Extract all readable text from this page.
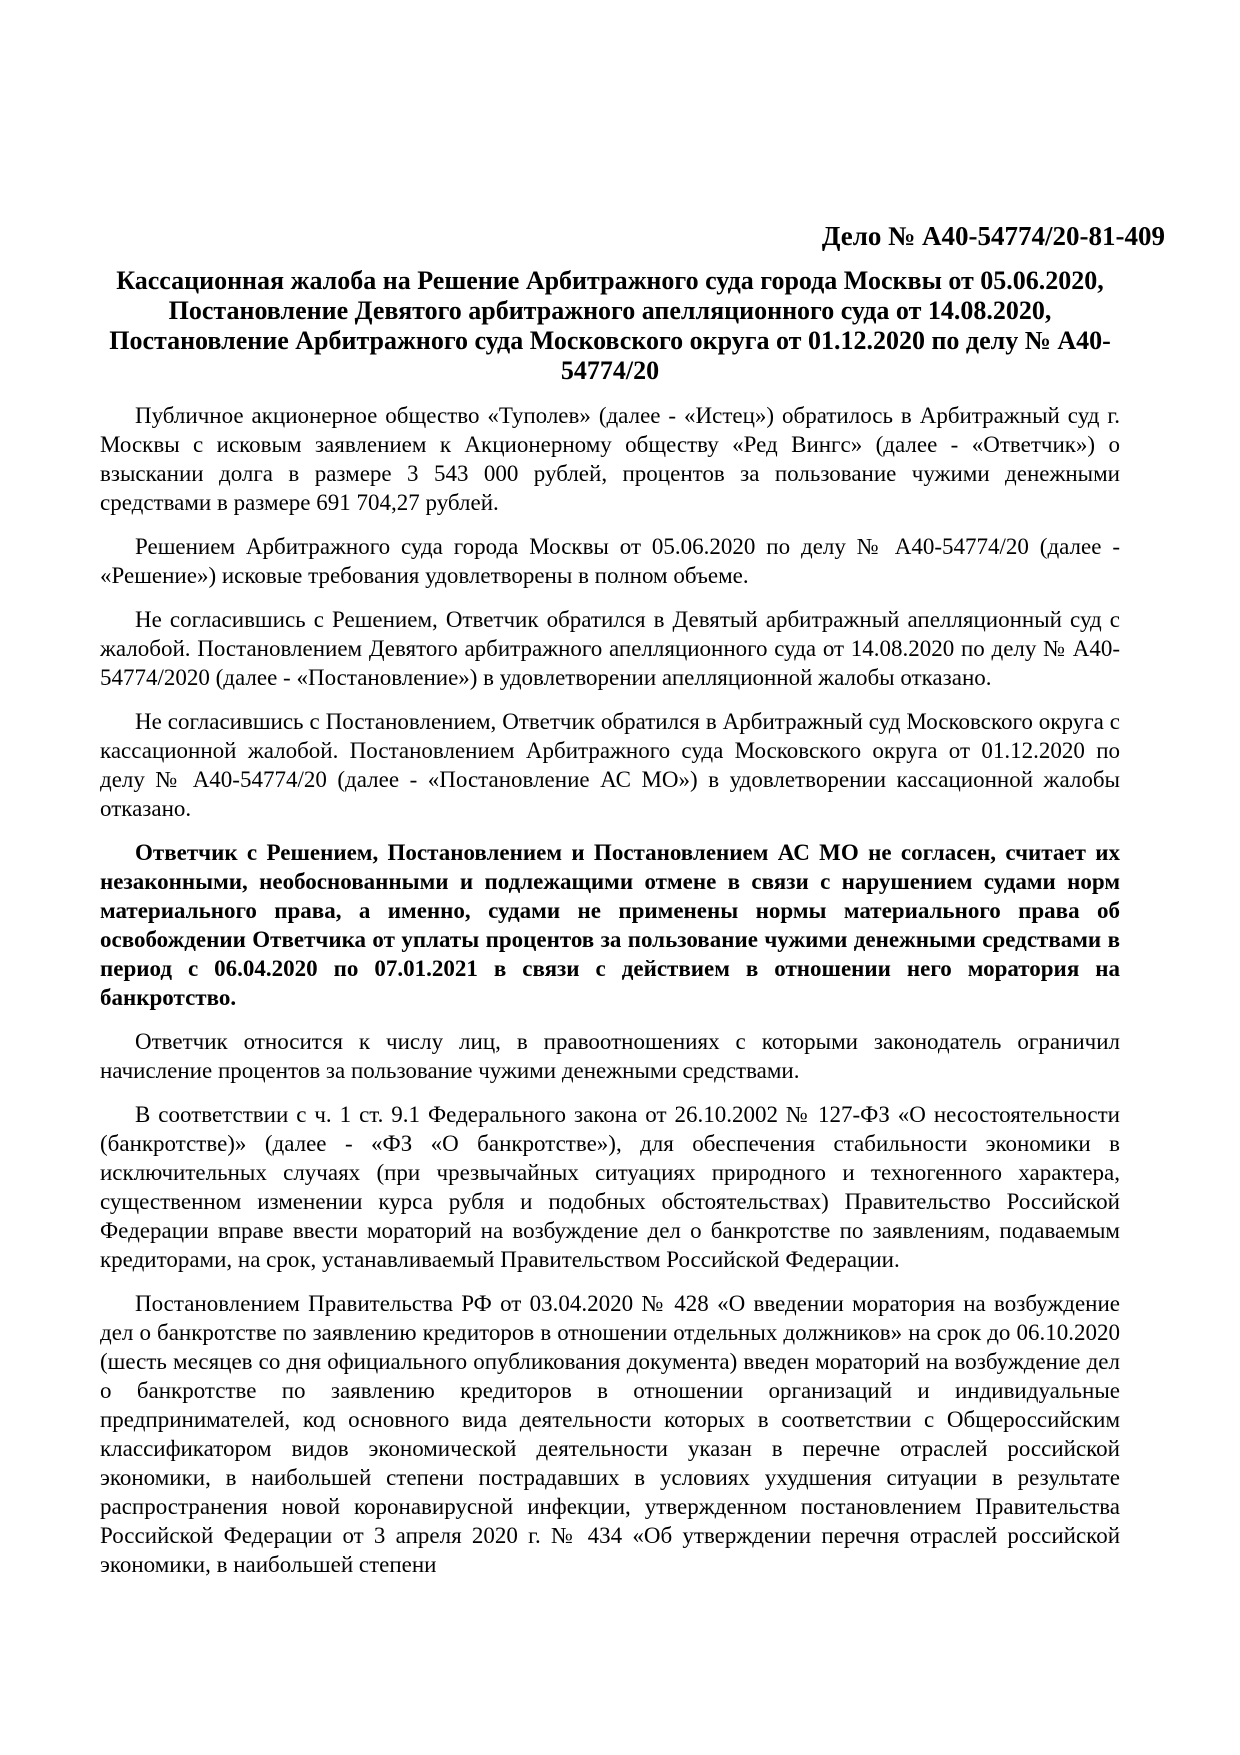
Дело № А40-54774/20-81-409
Кассационная жалоба на Решение Арбитражного суда города Москвы от 05.06.2020, Постановление Девятого арбитражного апелляционного суда от 14.08.2020, Постановление Арбитражного суда Московского округа от 01.12.2020 по делу № А40-54774/20

Публичное акционерное общество «Туполев» (далее - «Истец») обратилось в Арбитражный суд г. Москвы с исковым заявлением к Акционерному обществу «Ред Вингс» (далее - «Ответчик») о взыскании долга в размере 3 543 000 рублей, процентов за пользование чужими денежными средствами в размере 691 704,27 рублей.

Решением Арбитражного суда города Москвы от 05.06.2020 по делу № А40-54774/20 (далее - «Решение») исковые требования удовлетворены в полном объеме.

Не согласившись с Решением, Ответчик обратился в Девятый арбитражный апелляционный суд с жалобой. Постановлением Девятого арбитражного апелляционного суда от 14.08.2020 по делу № А40-54774/2020 (далее - «Постановление») в удовлетворении апелляционной жалобы отказано.

Не согласившись с Постановлением, Ответчик обратился в Арбитражный суд Московского округа с кассационной жалобой. Постановлением Арбитражного суда Московского округа от 01.12.2020 по делу № А40-54774/20 (далее - «Постановление АС МО») в удовлетворении кассационной жалобы отказано.

Ответчик с Решением, Постановлением и Постановлением АС МО не согласен, считает их незаконными, необоснованными и подлежащими отмене в связи с нарушением судами норм материального права, а именно, судами не применены нормы материального права об освобождении Ответчика от уплаты процентов за пользование чужими денежными средствами в период с 06.04.2020 по 07.01.2021 в связи с действием в отношении него моратория на банкротство.

Ответчик относится к числу лиц, в правоотношениях с которыми законодатель ограничил начисление процентов за пользование чужими денежными средствами.

В соответствии с ч. 1 ст. 9.1 Федерального закона от 26.10.2002 № 127-ФЗ «О несостоятельности (банкротстве)» (далее - «ФЗ «О банкротстве»), для обеспечения стабильности экономики в исключительных случаях (при чрезвычайных ситуациях природного и техногенного характера, существенном изменении курса рубля и подобных обстоятельствах) Правительство Российской Федерации вправе ввести мораторий на возбуждение дел о банкротстве по заявлениям, подаваемым кредиторами, на срок, устанавливаемый Правительством Российской Федерации.

Постановлением Правительства РФ от 03.04.2020 № 428 «О введении моратория на возбуждение дел о банкротстве по заявлению кредиторов в отношении отдельных должников» на срок до 06.10.2020 (шесть месяцев со дня официального опубликования документа) введен мораторий на возбуждение дел о банкротстве по заявлению кредиторов в отношении организаций и индивидуальные предпринимателей, код основного вида деятельности которых в соответствии с Общероссийским классификатором видов экономической деятельности указан в перечне отраслей российской экономики, в наибольшей степени пострадавших в условиях ухудшения ситуации в результате распространения новой коронавирусной инфекции, утвержденном постановлением Правительства Российской Федерации от 3 апреля 2020 г. № 434 «Об утверждении перечня отраслей российской экономики, в наибольшей степени
